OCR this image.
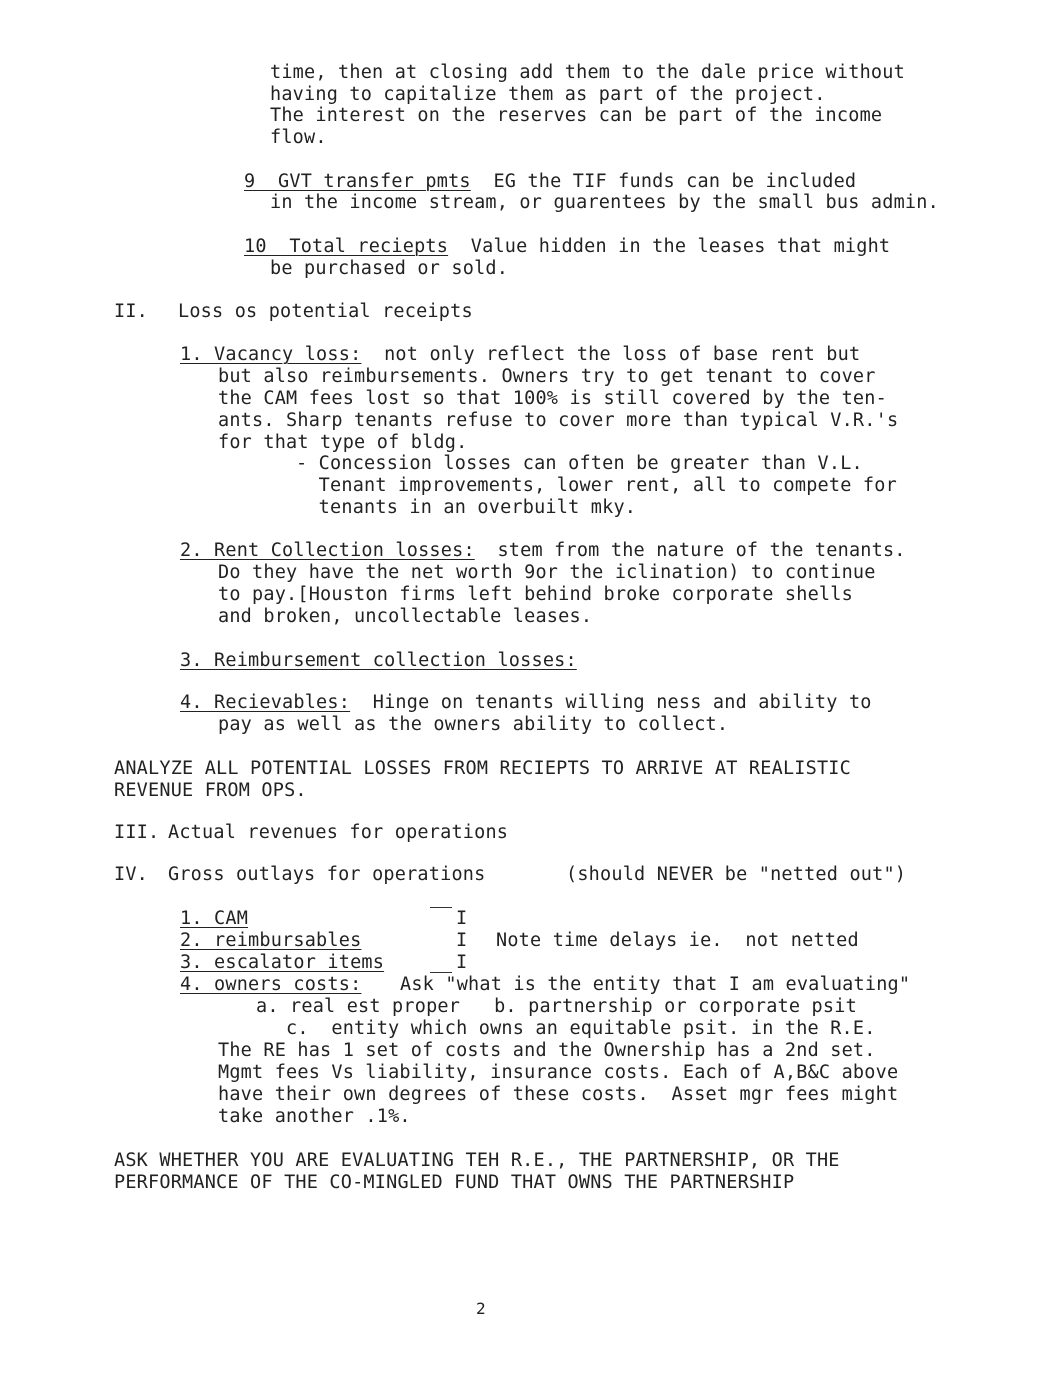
time, then at closing add them to the dale price without
having to capitalize them as part of the project.
The interest on the reserves can be part of the income
flow.
9  GVT transfer pmts  EG the TIF funds can be included
in the income stream, or guarentees by the small bus admin.
10  Total reciepts  Value hidden in the leases that might
be purchased or sold.
II. Loss os potential receipts
1. Vacancy loss:  not only reflect the loss of base rent but
but also reimbursements. Owners try to get tenant to cover
the CAM fees lost so that 100% is still covered by the ten-
ants. Sharp tenants refuse to cover more than typical V.R.'s
for that type of bldg.
- Concession losses can often be greater than V.L.
Tenant improvements, lower rent, all to compete for
tenants in an overbuilt mky.
2. Rent Collection losses:  stem from the nature of the tenants.
Do they have the net worth 9or the iclination) to continue
to pay.[Houston firms left behind broke corporate shells
and broken, uncollectable leases.
3. Reimbursement collection losses:
4. Recievables:  Hinge on tenants willing ness and ability to
pay as well as the owners ability to collect.
ANALYZE ALL POTENTIAL LOSSES FROM RECIEPTS TO ARRIVE AT REALISTIC
REVENUE FROM OPS.
III. Actual revenues for operations
IV. Gross outlays for operations	(should NEVER be "netted out")
1. CAM
2. reimbursables
3. escalator items
4. owners costs:
I
I
I
Note time delays ie.  not netted
Ask "what is the entity that I am evaluating"
a. real est proper   b. partnership or corporate psit
c.  entity which owns an equitable psit. in the R.E.
The RE has 1 set of costs and the Ownership has a 2nd set.
Mgmt fees Vs liability, insurance costs. Each of A,B&C above
have their own degrees of these costs.  Asset mgr fees might
take another .1%.
ASK WHETHER YOU ARE EVALUATING TEH R.E., THE PARTNERSHIP, OR THE
PERFORMANCE OF THE CO-MINGLED FUND THAT OWNS THE PARTNERSHIP
2
